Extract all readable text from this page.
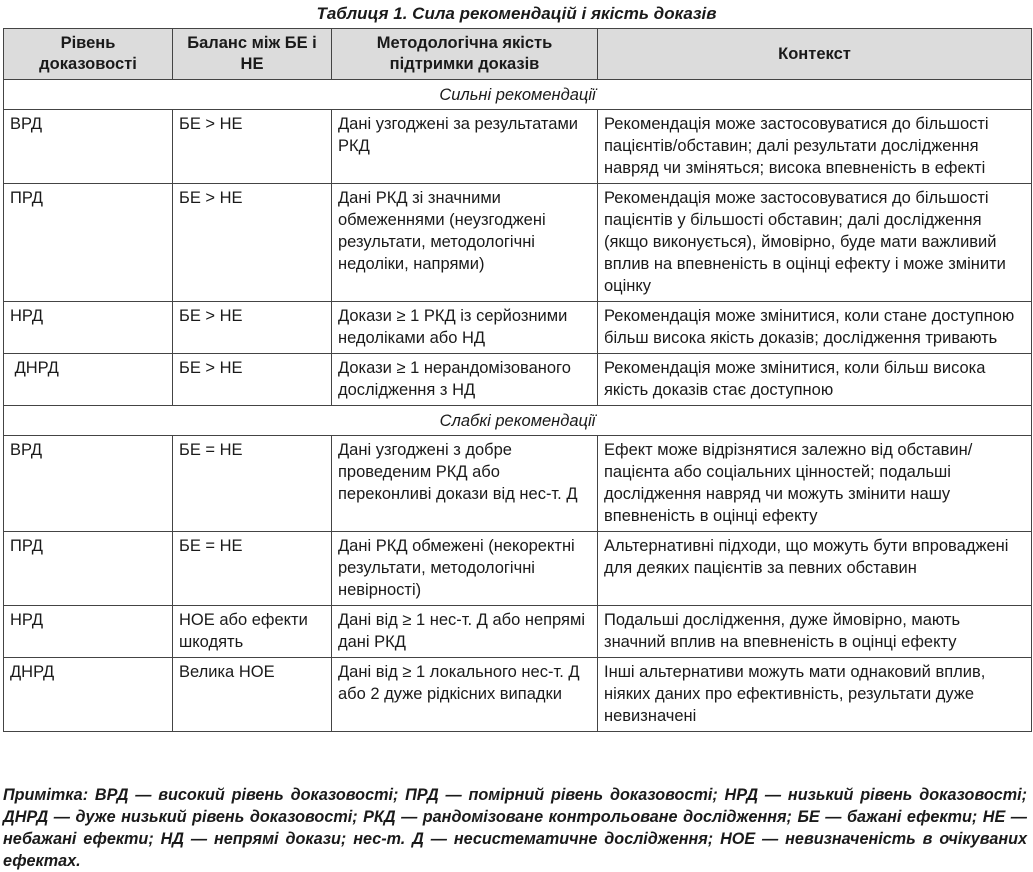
Таблиця 1. Сила рекомендацій і якість доказів
Рівень доказовості	Баланс між БЕ і НЕ	Методологічна якість підтримки доказів	Контекст
Сильні рекомендації			
ВРД	БЕ > НЕ	Дані узгоджені за результатами РКД	Рекомендація може застосовуватися до більшості пацієнтів/обставин; далі результати дослідження навряд чи зміняться; висока впевненість в ефекті
ПРД	БЕ > НЕ	Дані РКД зі значними обмеженнями (неузгоджені результати, методологічні недоліки, напрями)	Рекомендація може застосовуватися до більшості пацієнтів у більшості обставин; далі дослідження (якщо виконується), ймовірно, буде мати важливий вплив на впевненість в оцінці ефекту і може змінити оцінку
НРД	БЕ > НЕ	Докази ≥ 1 РКД із серйозними недоліками або НД	Рекомендація може змінитися, коли стане доступною більш висока якість доказів; дослідження тривають
ДНРД	БЕ > НЕ	Докази ≥ 1 нерандомізованого дослідження з НД	Рекомендація може змінитися, коли більш висока якість доказів стає доступною
Слабкі рекомендації			
ВРД	БЕ = НЕ	Дані узгоджені з добре проведеним РКД або переконливі докази від нес-т. Д	Ефект може відрізнятися залежно від обставин/пацієнта або соціальних цінностей; подальші дослідження навряд чи можуть змінити нашу впевненість в оцінці ефекту
ПРД	БЕ = НЕ	Дані РКД обмежені (некоректні результати, методологічні невірності)	Альтернативні підходи, що можуть бути впроваджені для деяких пацієнтів за певних обставин
НРД	НОЕ або ефекти шкодять	Дані від ≥ 1 нес-т. Д або непрямі дані РКД	Подальші дослідження, дуже ймовірно, мають значний вплив на впевненість в оцінці ефекту
ДНРД	Велика НОЕ	Дані від ≥ 1 локального нес-т. Д або 2 дуже рідкісних випадки	Інші альтернативи можуть мати однаковий вплив, ніяких даних про ефективність, результати дуже невизначені
Примітка: ВРД — високий рівень доказовості; ПРД — помірний рівень доказовості; НРД — низький рівень доказовості; ДНРД — дуже низький рівень доказовості; РКД — рандомізоване контрольоване дослідження; БЕ — бажані ефекти; НЕ — небажані ефекти; НД — непрямі докази; нес-т. Д — несистематичне дослідження; НОЕ — невизначеність в очікуваних ефектах.
